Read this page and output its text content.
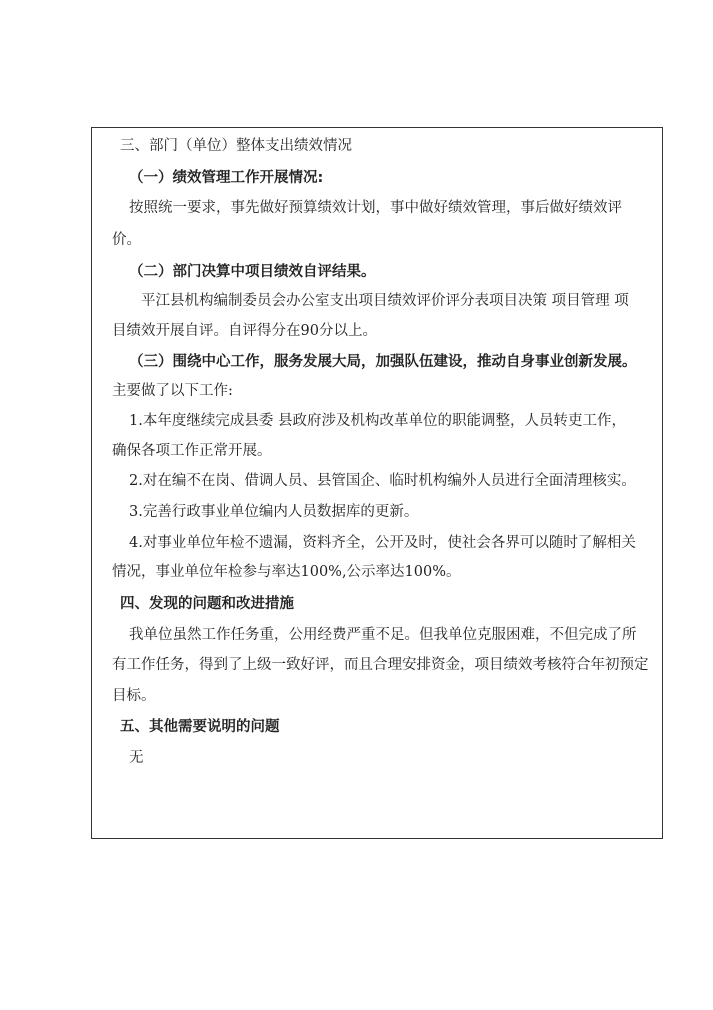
三、部门（单位）整体支出绩效情况
（一）绩效管理工作开展情况:
按照统一要求，事先做好预算绩效计划，事中做好绩效管理，事后做好绩效评
价。
（二）部门决算中项目绩效自评结果。
平江县机构编制委员会办公室支出项目绩效评价评分表项目决策 项目管理 项
目绩效开展自评。自评得分在90分以上。
（三）围绕中心工作，服务发展大局，加强队伍建设，推动自身事业创新发展。
主要做了以下工作:
1.本年度继续完成县委 县政府涉及机构改革单位的职能调整，人员转吏工作，
确保各项工作正常开展。
2.对在编不在岗、借调人员、县管国企、临时机构编外人员进行全面清理核实。
3.完善行政事业单位编内人员数据库的更新。
4.对事业单位年检不遗漏，资料齐全，公开及时，使社会各界可以随时了解相关
情况，事业单位年检参与率达100%,公示率达100%。
四、发现的问题和改进措施
我单位虽然工作任务重，公用经费严重不足。但我单位克服困难，不但完成了所
有工作任务，得到了上级一致好评，而且合理安排资金，项目绩效考核符合年初预定
目标。
五、其他需要说明的问题
无
